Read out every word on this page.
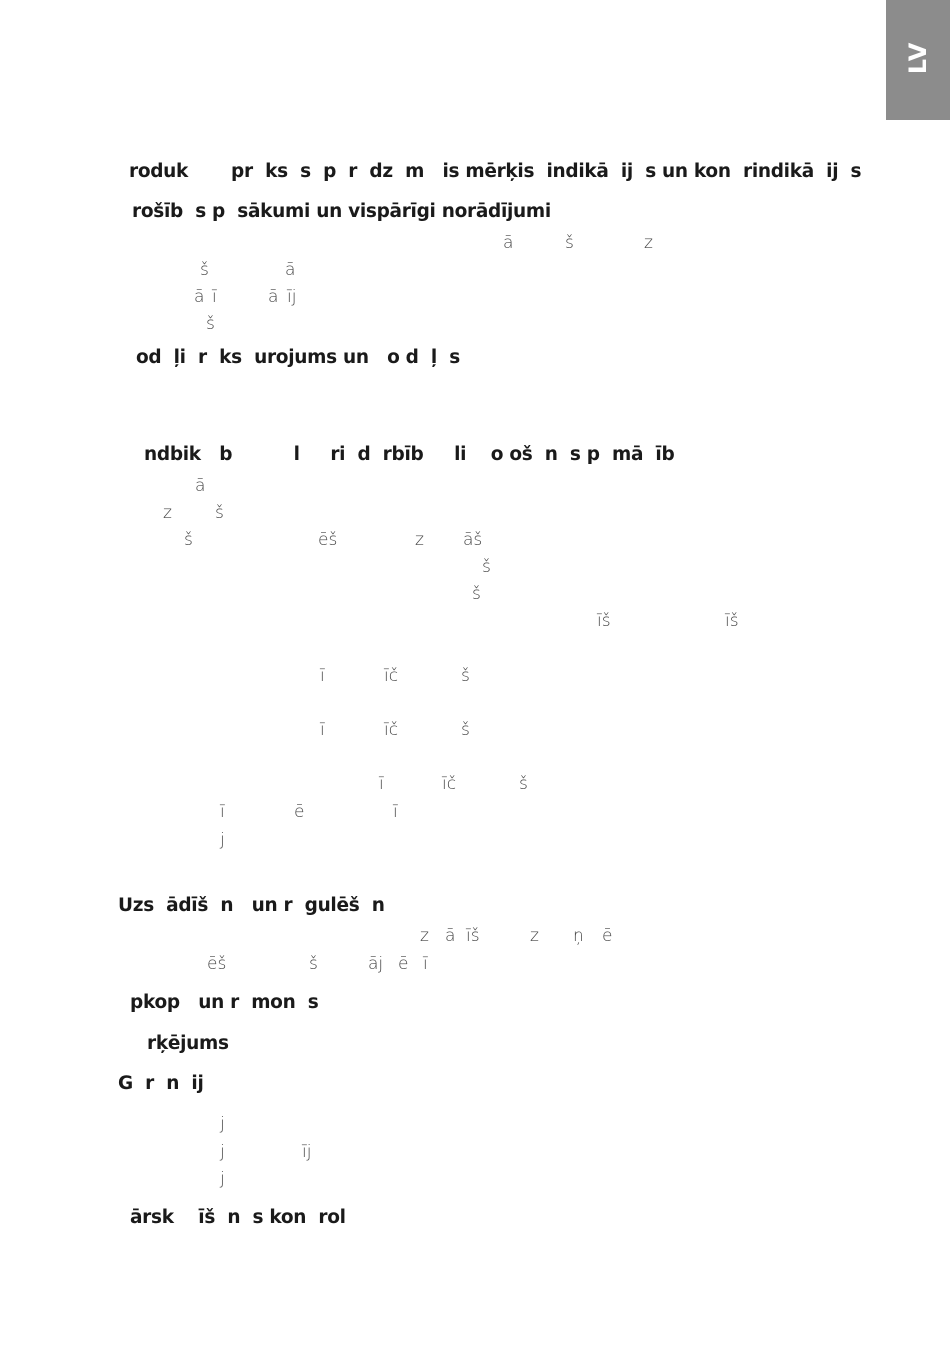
LV
roduk       pr  ks  s  p  r  dz  m   is mērķis  indikā  ij  s un kon  rindikā  ij  s
rošīb  s p  sākumi un vispārīgi norādījumi
od  ļi  r  ks  urojums un   o d  ļ  s
ndbik   b          l     ri  d  rbīb     li    o oš  n  s p  mā  īb
Uzs  ādīš  n   un r  gulēš  n
pkop   un r  mon  s
rķējums
G  r  n  ij
ārsk    īš  n  s kon  rol
ā	š	z
š	ā
ā ī	ā īj
š
ā
z	š
š	ēš	z āš
š
š
īš	īš
ī	īč	š
ī	īč	š
ī	īč	š
ī	ē	ī
j
z ā īš	z ņ ē
ēš	š	āj ē ī
j
j	īj
j
